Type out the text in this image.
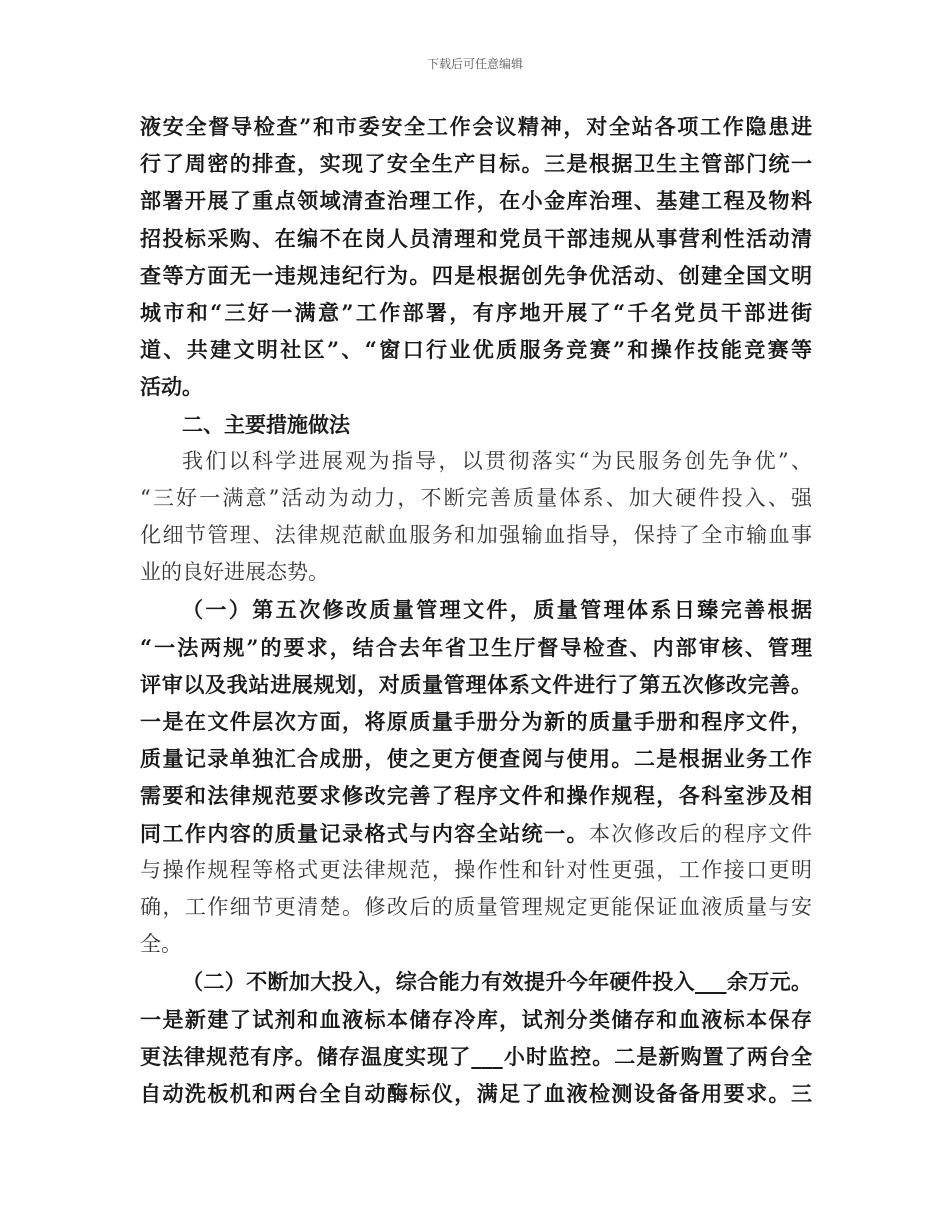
下载后可任意编辑
液安全督导检查”和市委安全工作会议精神，对全站各项工作隐患进
行了周密的排查，实现了安全生产目标。三是根据卫生主管部门统一
部署开展了重点领域清查治理工作，在小金库治理、基建工程及物料
招投标采购、在编不在岗人员清理和党员干部违规从事营利性活动清
查等方面无一违规违纪行为。四是根据创先争优活动、创建全国文明
城市和“三好一满意”工作部署，有序地开展了“千名党员干部进街
道、共建文明社区”、“窗口行业优质服务竞赛”和操作技能竞赛等
活动。
二、主要措施做法
我们以科学进展观为指导，以贯彻落实“为民服务创先争优”、
“三好一满意”活动为动力，不断完善质量体系、加大硬件投入、强
化细节管理、法律规范献血服务和加强输血指导，保持了全市输血事
业的良好进展态势。
（一）第五次修改质量管理文件，质量管理体系日臻完善根据
“一法两规”的要求，结合去年省卫生厅督导检查、内部审核、管理
评审以及我站进展规划，对质量管理体系文件进行了第五次修改完善。
一是在文件层次方面，将原质量手册分为新的质量手册和程序文件，
质量记录单独汇合成册，使之更方便查阅与使用。二是根据业务工作
需要和法律规范要求修改完善了程序文件和操作规程，各科室涉及相
同工作内容的质量记录格式与内容全站统一。本次修改后的程序文件
与操作规程等格式更法律规范，操作性和针对性更强，工作接口更明
确，工作细节更清楚。修改后的质量管理规定更能保证血液质量与安
全。
（二）不断加大投入，综合能力有效提升今年硬件投入___余万元。
一是新建了试剂和血液标本储存冷库，试剂分类储存和血液标本保存
更法律规范有序。储存温度实现了___小时监控。二是新购置了两台全
自动洗板机和两台全自动酶标仪，满足了血液检测设备备用要求。三
